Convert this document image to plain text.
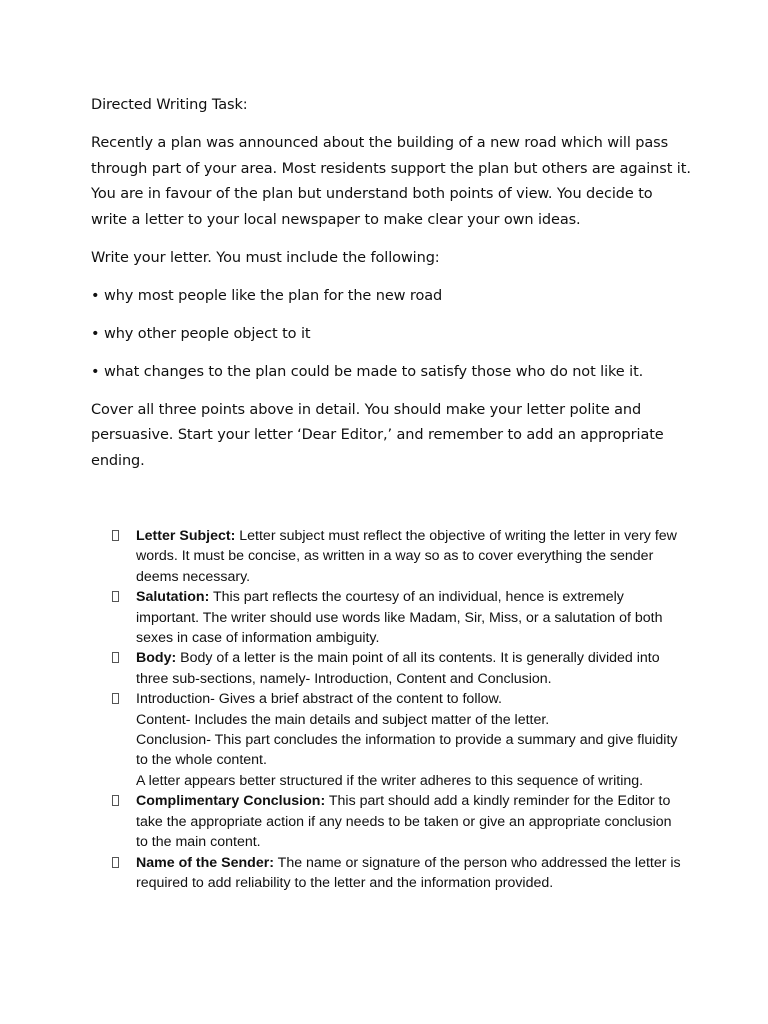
Directed Writing Task:

Recently a plan was announced about the building of a new road which will pass through part of your area. Most residents support the plan but others are against it. You are in favour of the plan but understand both points of view. You decide to write a letter to your local newspaper to make clear your own ideas.

Write your letter. You must include the following:

• why most people like the plan for the new road

• why other people object to it

• what changes to the plan could be made to satisfy those who do not like it.

Cover all three points above in detail. You should make your letter polite and persuasive. Start your letter ‘Dear Editor,’ and remember to add an appropriate ending.

Letter Subject: Letter subject must reflect the objective of writing the letter in very few words. It must be concise, as written in a way so as to cover everything the sender deems necessary.
Salutation: This part reflects the courtesy of an individual, hence is extremely important. The writer should use words like Madam, Sir, Miss, or a salutation of both sexes in case of information ambiguity.
Body: Body of a letter is the main point of all its contents. It is generally divided into three sub-sections, namely- Introduction, Content and Conclusion.
Introduction- Gives a brief abstract of the content to follow.
Content- Includes the main details and subject matter of the letter.
Conclusion- This part concludes the information to provide a summary and give fluidity to the whole content.
A letter appears better structured if the writer adheres to this sequence of writing.
Complimentary Conclusion: This part should add a kindly reminder for the Editor to take the appropriate action if any needs to be taken or give an appropriate conclusion to the main content.
Name of the Sender: The name or signature of the person who addressed the letter is required to add reliability to the letter and the information provided.
